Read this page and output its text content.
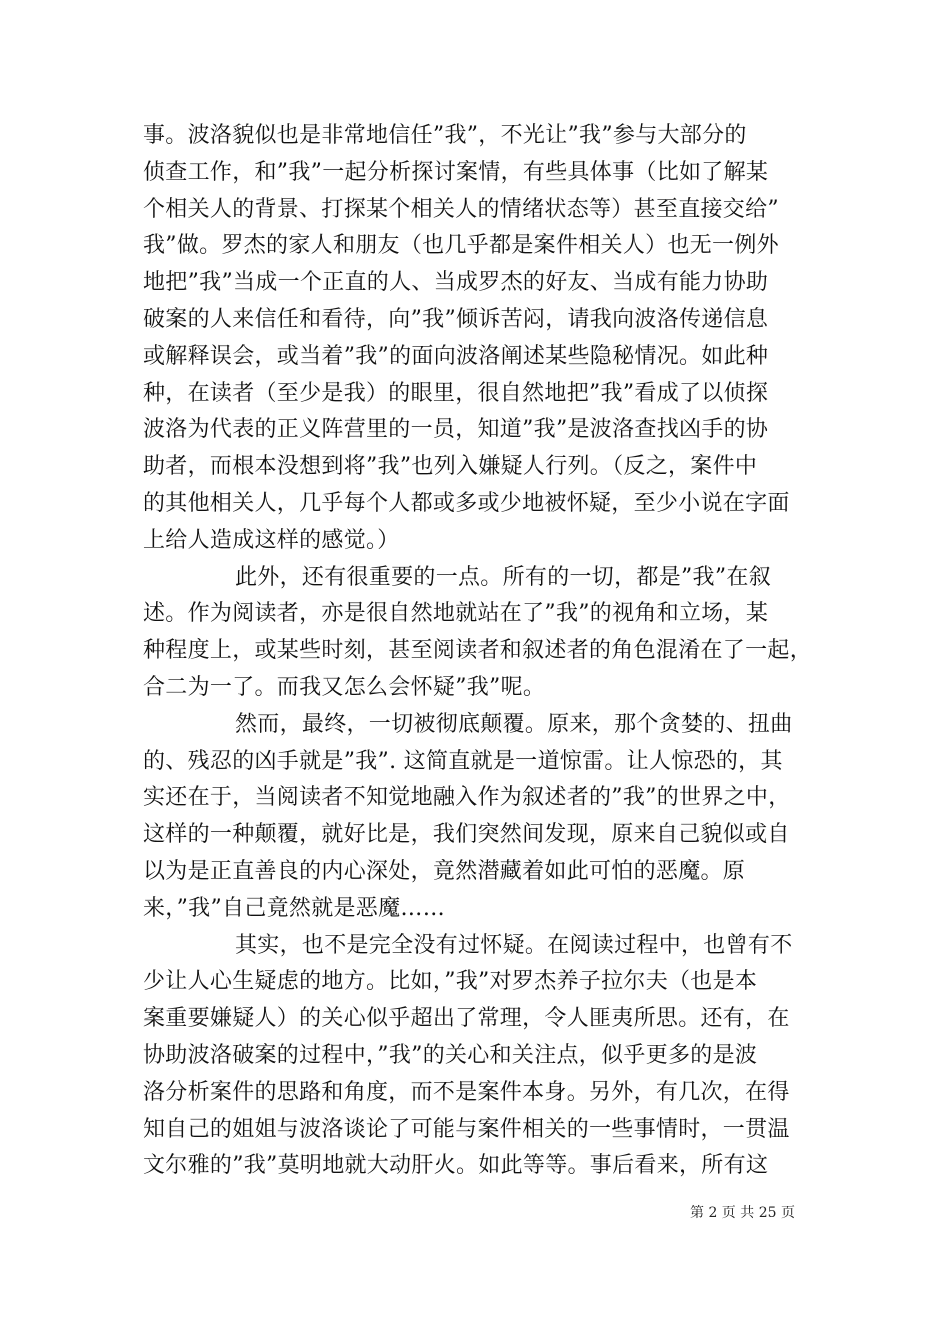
事。波洛貌似也是非常地信任”我”，不光让”我”参与大部分的
侦查工作，和”我”一起分析探讨案情，有些具体事（比如了解某
个相关人的背景、打探某个相关人的情绪状态等）甚至直接交给”
我”做。罗杰的家人和朋友（也几乎都是案件相关人）也无一例外
地把”我”当成一个正直的人、当成罗杰的好友、当成有能力协助
破案的人来信任和看待，向”我”倾诉苦闷，请我向波洛传递信息
或解释误会，或当着”我”的面向波洛阐述某些隐秘情况。如此种
种，在读者（至少是我）的眼里，很自然地把”我”看成了以侦探
波洛为代表的正义阵营里的一员，知道”我”是波洛查找凶手的协
助者，而根本没想到将”我”也列入嫌疑人行列。（反之，案件中
的其他相关人，几乎每个人都或多或少地被怀疑，至少小说在字面
上给人造成这样的感觉。）
此外，还有很重要的一点。所有的一切，都是”我”在叙
述。作为阅读者，亦是很自然地就站在了”我”的视角和立场，某
种程度上，或某些时刻，甚至阅读者和叙述者的角色混淆在了一起，
合二为一了。而我又怎么会怀疑”我”呢。
然而，最终，一切被彻底颠覆。原来，那个贪婪的、扭曲
的、残忍的凶手就是”我”. 这简直就是一道惊雷。让人惊恐的，其
实还在于，当阅读者不知觉地融入作为叙述者的”我”的世界之中，
这样的一种颠覆，就好比是，我们突然间发现，原来自己貌似或自
以为是正直善良的内心深处，竟然潜藏着如此可怕的恶魔。原
来，”我”自己竟然就是恶魔……
其实，也不是完全没有过怀疑。在阅读过程中，也曾有不
少让人心生疑虑的地方。比如，”我”对罗杰养子拉尔夫（也是本
案重要嫌疑人）的关心似乎超出了常理，令人匪夷所思。还有，在
协助波洛破案的过程中，”我”的关心和关注点，似乎更多的是波
洛分析案件的思路和角度，而不是案件本身。另外，有几次，在得
知自己的姐姐与波洛谈论了可能与案件相关的一些事情时，一贯温
文尔雅的”我”莫明地就大动肝火。如此等等。事后看来，所有这
第 2 页 共 25 页
